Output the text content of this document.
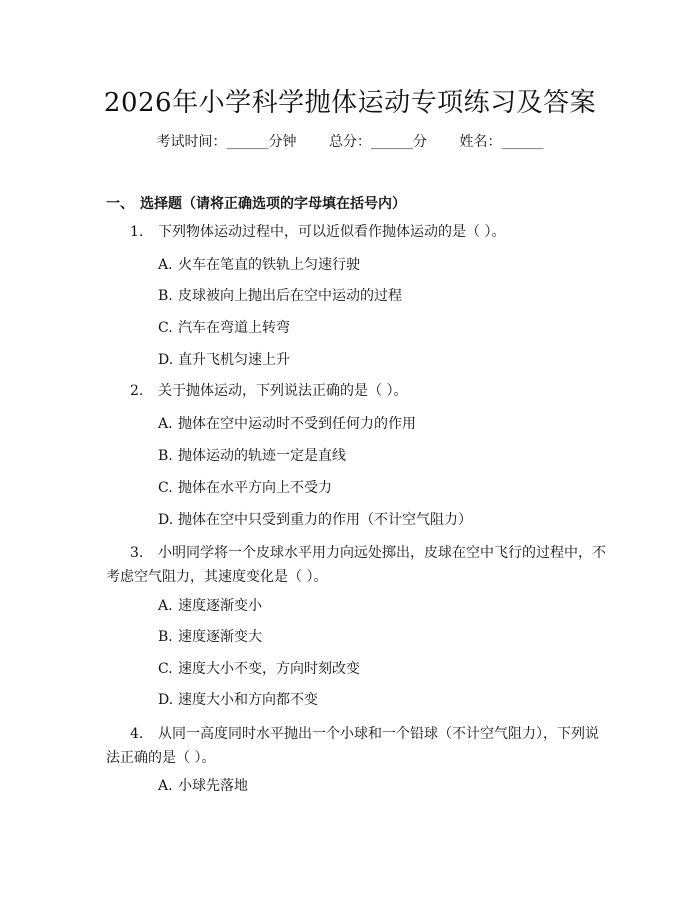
2026年小学科学抛体运动专项练习及答案
考试时间：______分钟 总分：______分 姓名：______
一、 选择题（请将正确选项的字母填在括号内）
1. 下列物体运动过程中，可以近似看作抛体运动的是（ ）。
A. 火车在笔直的铁轨上匀速行驶
B. 皮球被向上抛出后在空中运动的过程
C. 汽车在弯道上转弯
D. 直升飞机匀速上升
2. 关于抛体运动，下列说法正确的是（ ）。
A. 抛体在空中运动时不受到任何力的作用
B. 抛体运动的轨迹一定是直线
C. 抛体在水平方向上不受力
D. 抛体在空中只受到重力的作用（不计空气阻力）
3. 小明同学将一个皮球水平用力向远处掷出，皮球在空中飞行的过程中，不考虑空气阻力，其速度变化是（ ）。
A. 速度逐渐变小
B. 速度逐渐变大
C. 速度大小不变，方向时刻改变
D. 速度大小和方向都不变
4. 从同一高度同时水平抛出一个小球和一个铅球（不计空气阻力），下列说法正确的是（ ）。
A. 小球先落地
